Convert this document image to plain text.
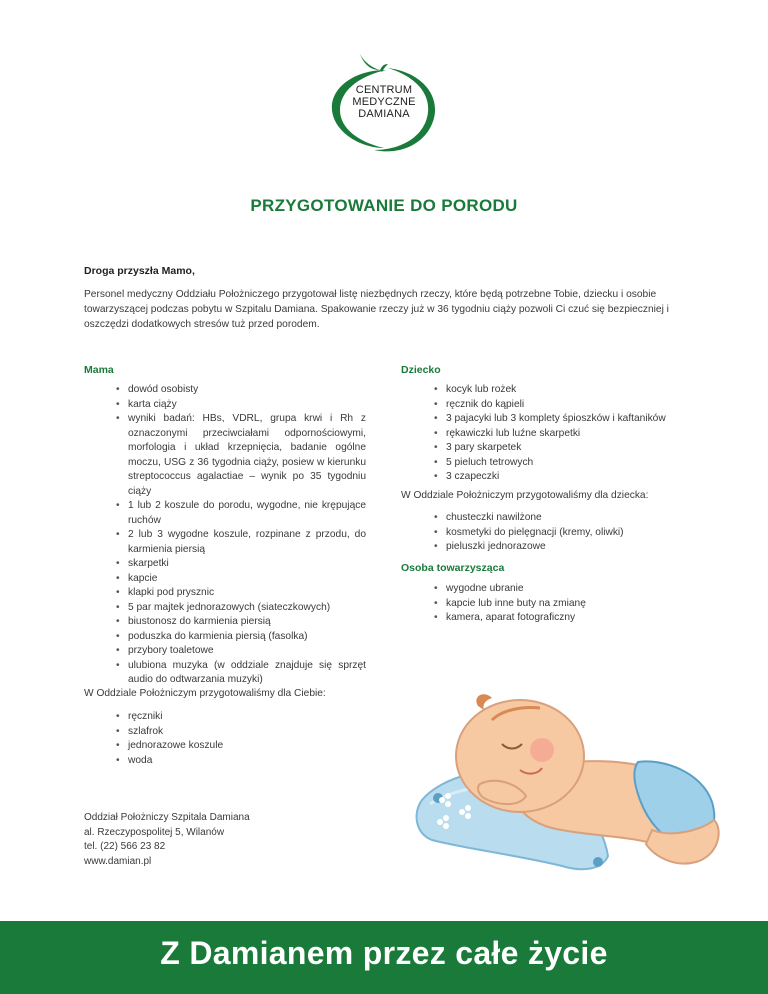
CENTRUM
MEDYCZNE
DAMIANA
PRZYGOTOWANIE DO PORODU
Droga przyszła Mamo,
Personel medyczny Oddziału Położniczego przygotował listę niezbędnych rzeczy, które będą potrzebne Tobie, dziecku i osobie towarzyszącej podczas pobytu w Szpitalu Damiana. Spakowanie rzeczy już w 36 tygodniu ciąży pozwoli Ci czuć się bezpieczniej i oszczędzi dodatkowych stresów tuż przed porodem.
Mama
• dowód osobisty
• karta ciąży
• wyniki badań: HBs, VDRL, grupa krwi i Rh z oznaczonymi przeciwciałami odpornościowymi, morfologia i układ krzepnięcia, badanie ogólne moczu, USG z 36 tygodnia ciąży, posiew w kierunku streptococcus agalactiae – wynik po 35 tygodniu ciąży
• 1 lub 2 koszule do porodu, wygodne, nie krępujące ruchów
• 2 lub 3 wygodne koszule, rozpinane z przodu, do karmienia piersią
• skarpetki
• kapcie
• klapki pod prysznic
• 5 par majtek jednorazowych (siateczkowych)
• biustonosz do karmienia piersią
• poduszka do karmienia piersią (fasolka)
• przybory toaletowe
• ulubiona muzyka (w oddziale znajduje się sprzęt audio do odtwarzania muzyki)
W Oddziale Położniczym przygotowaliśmy dla Ciebie:
• ręczniki
• szlafrok
• jednorazowe koszule
• woda
Dziecko
• kocyk lub rożek
• ręcznik do kąpieli
• 3 pajacyki lub 3 komplety śpioszków i kaftaników
• rękawiczki lub luźne skarpetki
• 3 pary skarpetek
• 5 pieluch tetrowych
• 3 czapeczki
W Oddziale Położniczym przygotowaliśmy dla dziecka:
• chusteczki nawilżone
• kosmetyki do pielęgnacji (kremy, oliwki)
• pieluszki jednorazowe
Osoba towarzysząca
• wygodne ubranie
• kapcie lub inne buty na zmianę
• kamera, aparat fotograficzny
Oddział Położniczy Szpitala Damiana
al. Rzeczypospolitej 5, Wilanów
tel. (22) 566 23 82
www.damian.pl
Z Damianem przez całe życie
